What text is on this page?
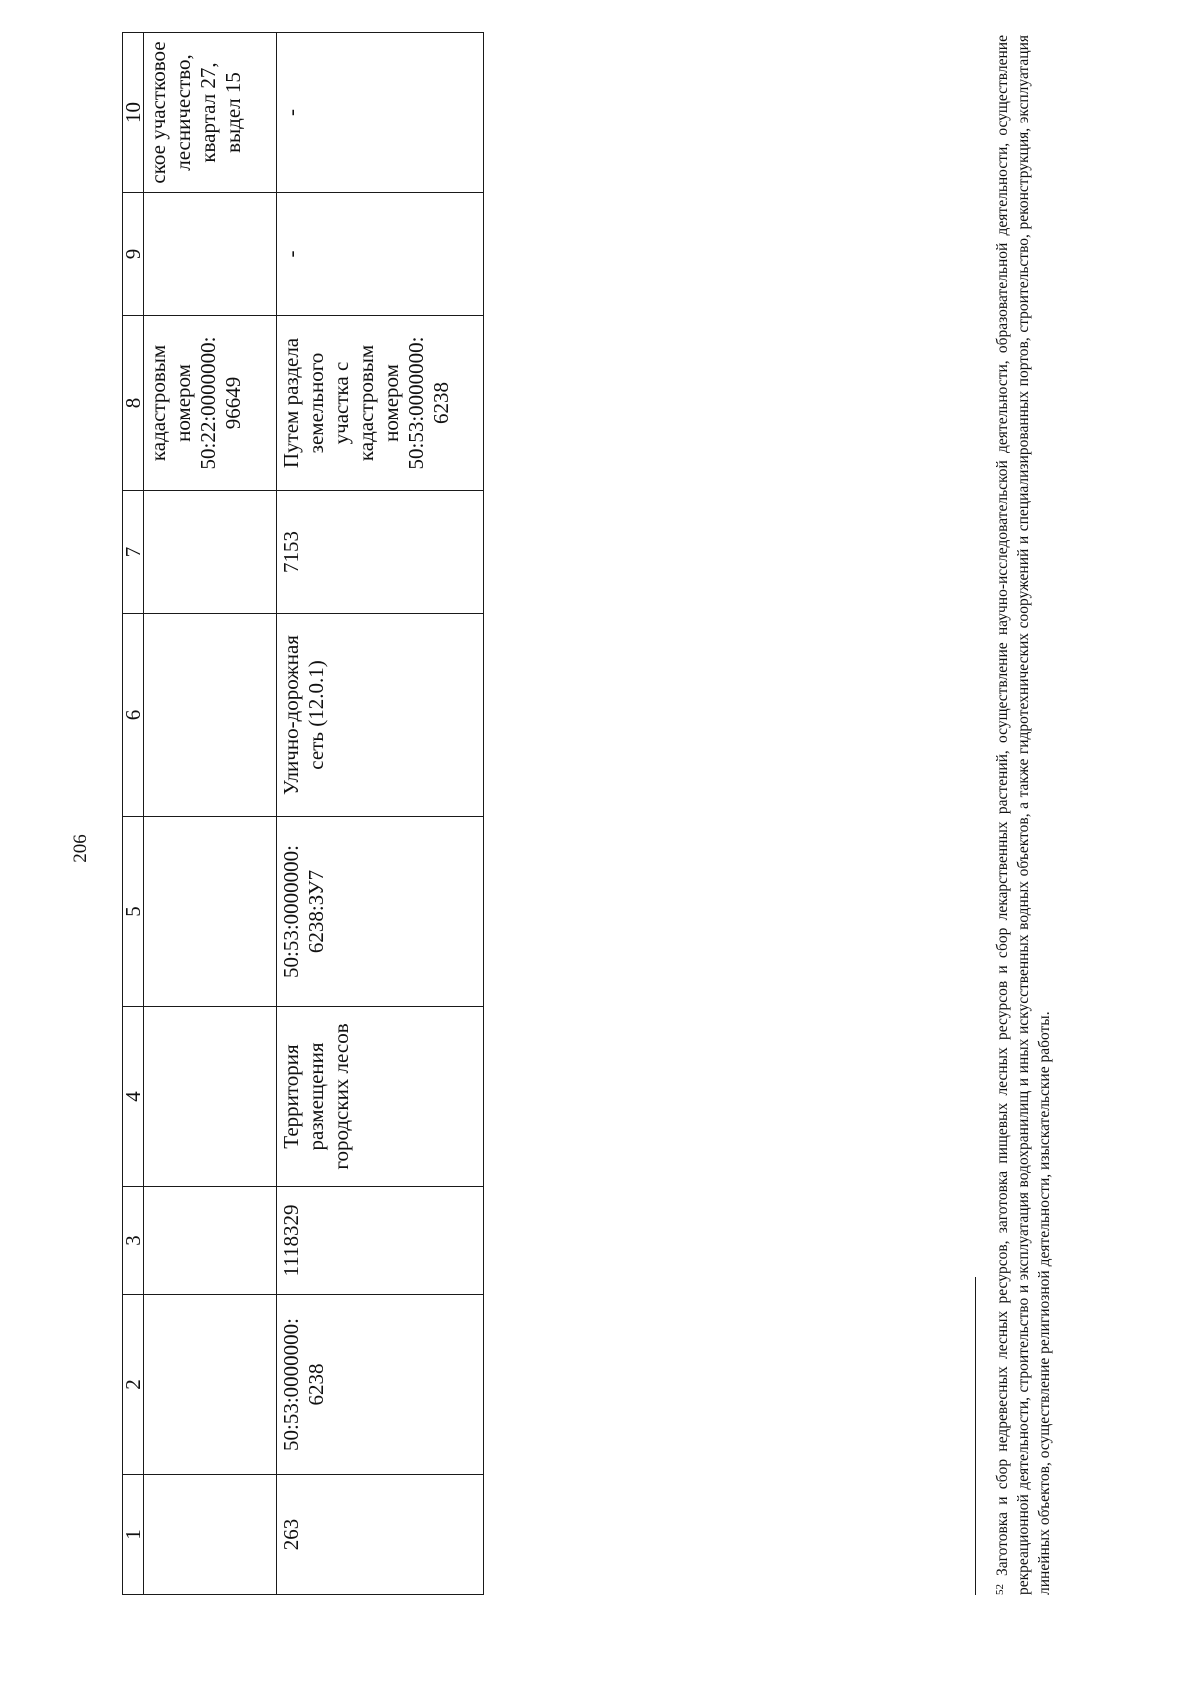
206
1	2	3	4	5	6	7	8	9	10
							кадастровым номером 50:22:0000000: 96649		ское участковое лесничество, квартал 27, выдел 15
263	50:53:0000000: 6238	1118329	Территория размещения городских лесов	50:53:0000000: 6238:ЗУ7	Улично-дорожная сеть (12.0.1)	7153	Путем раздела земельного участка с кадастровым номером 50:53:0000000: 6238	-	-
$^{52}$Заготовка и сбор недревесных лесных ресурсов, заготовка пищевых лесных ресурсов и сбор лекарственных растений, осуществление научно-исследовательской деятельности, образовательной деятельности, осуществление рекреационной деятельности, строительство и эксплуатация водохранилищ и иных искусственных водных объектов, а также гидротехнических сооружений и специализированных портов, строительство, реконструкция, эксплуатация линейных объектов, осуществление религиозной деятельности, изыскательские работы.
